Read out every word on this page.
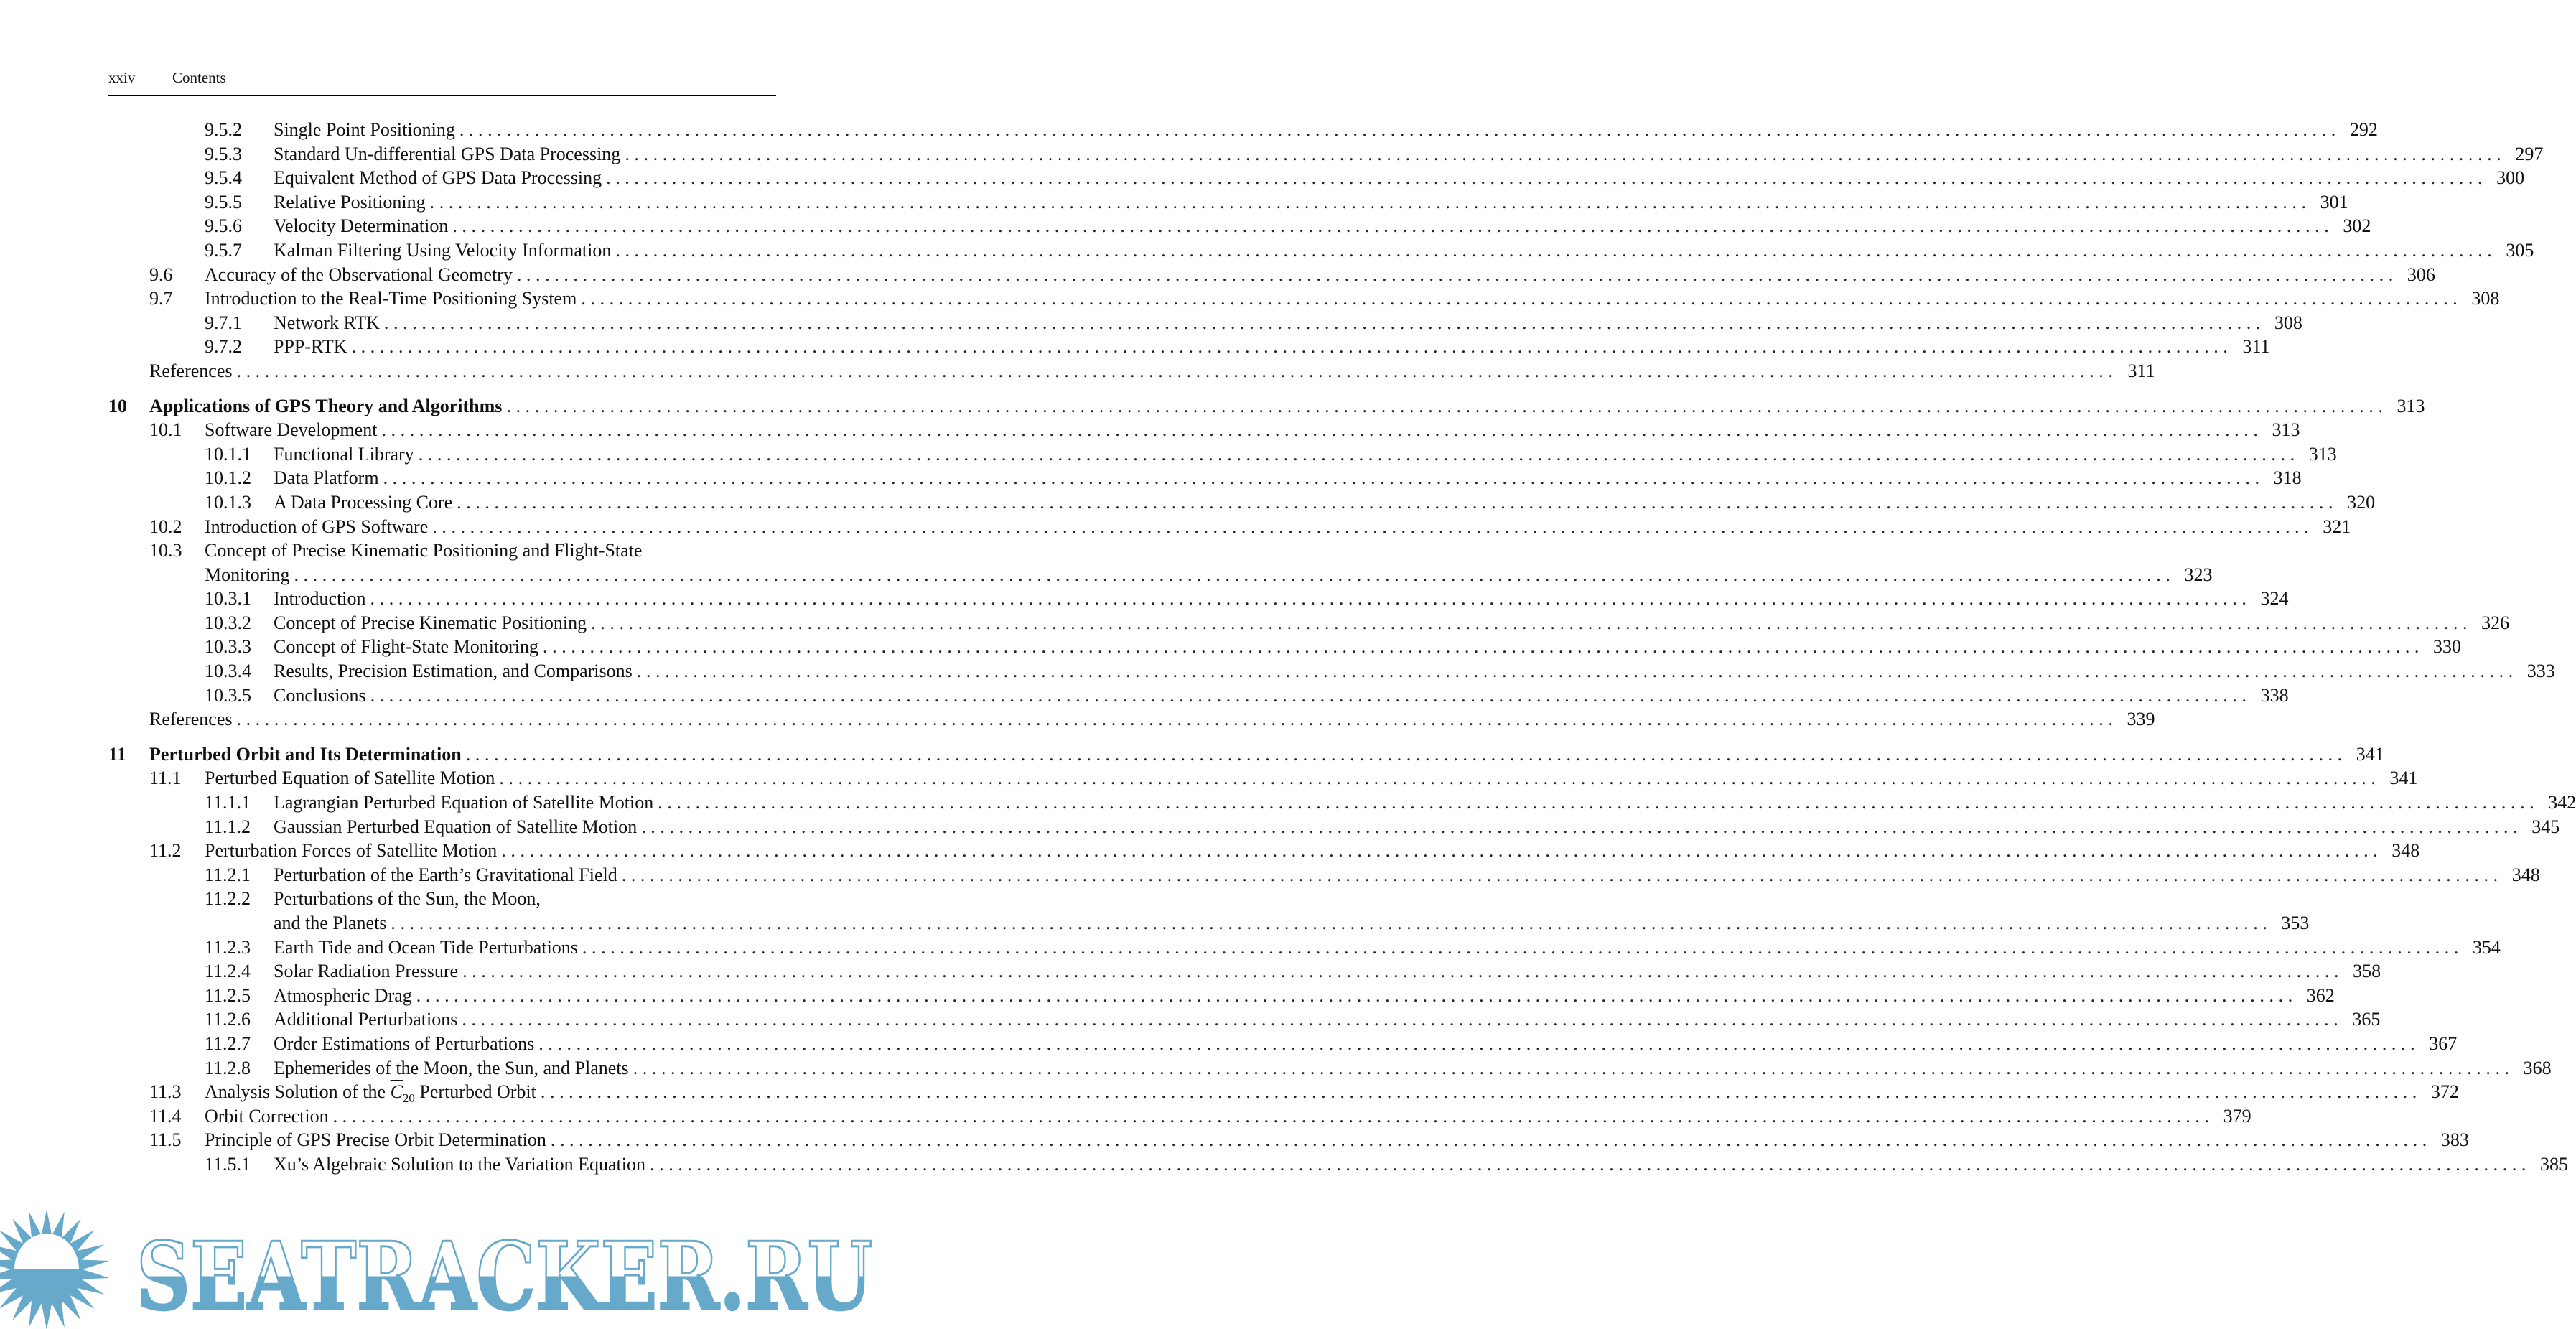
xxiv Contents
9.5.2 Single Point Positioning ........................................................................................................................................................................................................ 292
9.5.3 Standard Un-differential GPS Data Processing ........................................................................................................................................................................................................ 297
9.5.4 Equivalent Method of GPS Data Processing ........................................................................................................................................................................................................ 300
9.5.5 Relative Positioning ........................................................................................................................................................................................................ 301
9.5.6 Velocity Determination ........................................................................................................................................................................................................ 302
9.5.7 Kalman Filtering Using Velocity Information ........................................................................................................................................................................................................ 305
9.6 Accuracy of the Observational Geometry ........................................................................................................................................................................................................ 306
9.7 Introduction to the Real-Time Positioning System ........................................................................................................................................................................................................ 308
9.7.1 Network RTK ........................................................................................................................................................................................................ 308
9.7.2 PPP-RTK ........................................................................................................................................................................................................ 311
References ........................................................................................................................................................................................................ 311
10 Applications of GPS Theory and Algorithms ........................................................................................................................................................................................................ 313
10.1 Software Development ........................................................................................................................................................................................................ 313
10.1.1 Functional Library ........................................................................................................................................................................................................ 313
10.1.2 Data Platform ........................................................................................................................................................................................................ 318
10.1.3 A Data Processing Core ........................................................................................................................................................................................................ 320
10.2 Introduction of GPS Software ........................................................................................................................................................................................................ 321
10.3 Concept of Precise Kinematic Positioning and Flight-State
Monitoring ........................................................................................................................................................................................................ 323
10.3.1 Introduction ........................................................................................................................................................................................................ 324
10.3.2 Concept of Precise Kinematic Positioning ........................................................................................................................................................................................................ 326
10.3.3 Concept of Flight-State Monitoring ........................................................................................................................................................................................................ 330
10.3.4 Results, Precision Estimation, and Comparisons ........................................................................................................................................................................................................ 333
10.3.5 Conclusions ........................................................................................................................................................................................................ 338
References ........................................................................................................................................................................................................ 339
11 Perturbed Orbit and Its Determination ........................................................................................................................................................................................................ 341
11.1 Perturbed Equation of Satellite Motion ........................................................................................................................................................................................................ 341
11.1.1 Lagrangian Perturbed Equation of Satellite Motion ........................................................................................................................................................................................................ 342
11.1.2 Gaussian Perturbed Equation of Satellite Motion ........................................................................................................................................................................................................ 345
11.2 Perturbation Forces of Satellite Motion ........................................................................................................................................................................................................ 348
11.2.1 Perturbation of the Earth’s Gravitational Field ........................................................................................................................................................................................................ 348
11.2.2 Perturbations of the Sun, the Moon,
and the Planets ........................................................................................................................................................................................................ 353
11.2.3 Earth Tide and Ocean Tide Perturbations ........................................................................................................................................................................................................ 354
11.2.4 Solar Radiation Pressure ........................................................................................................................................................................................................ 358
11.2.5 Atmospheric Drag ........................................................................................................................................................................................................ 362
11.2.6 Additional Perturbations ........................................................................................................................................................................................................ 365
11.2.7 Order Estimations of Perturbations ........................................................................................................................................................................................................ 367
11.2.8 Ephemerides of the Moon, the Sun, and Planets ........................................................................................................................................................................................................ 368
11.3 Analysis Solution of the $\overline{C}_{20}$ Perturbed Orbit ........................................................................................................................................................................................................ 372
11.4 Orbit Correction ........................................................................................................................................................................................................ 379
11.5 Principle of GPS Precise Orbit Determination ........................................................................................................................................................................................................ 383
11.5.1 Xu’s Algebraic Solution to the Variation Equation ........................................................................................................................................................................................................ 385
SEATRACKER.RU
